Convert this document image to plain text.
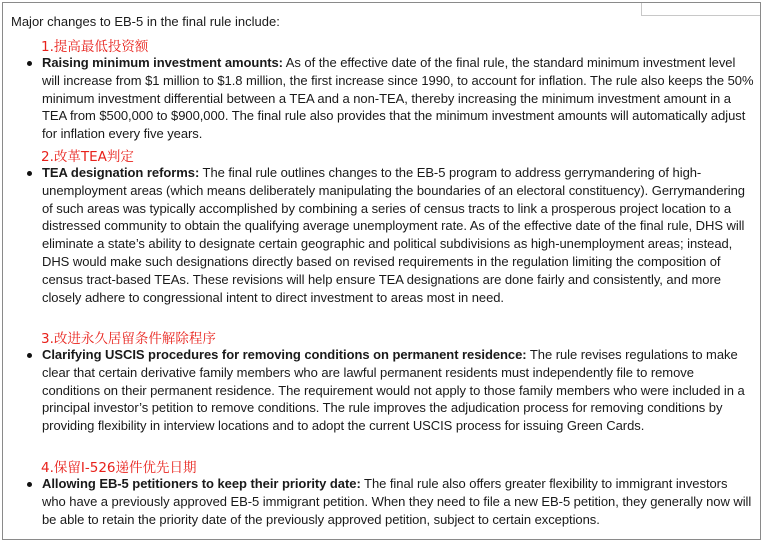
Major changes to EB-5 in the final rule include:
1.提高最低投资额
Raising minimum investment amounts: As of the effective date of the final rule, the standard minimum investment level will increase from $1 million to $1.8 million, the first increase since 1990, to account for inflation. The rule also keeps the 50% minimum investment differential between a TEA and a non-TEA, thereby increasing the minimum investment amount in a TEA from $500,000 to $900,000. The final rule also provides that the minimum investment amounts will automatically adjust for inflation every five years.
2.改革TEA判定
TEA designation reforms: The final rule outlines changes to the EB-5 program to address gerrymandering of high-unemployment areas (which means deliberately manipulating the boundaries of an electoral constituency). Gerrymandering of such areas was typically accomplished by combining a series of census tracts to link a prosperous project location to a distressed community to obtain the qualifying average unemployment rate. As of the effective date of the final rule, DHS will eliminate a state’s ability to designate certain geographic and political subdivisions as high-unemployment areas; instead, DHS would make such designations directly based on revised requirements in the regulation limiting the composition of census tract-based TEAs. These revisions will help ensure TEA designations are done fairly and consistently, and more closely adhere to congressional intent to direct investment to areas most in need.
3.改进永久居留条件解除程序
Clarifying USCIS procedures for removing conditions on permanent residence: The rule revises regulations to make clear that certain derivative family members who are lawful permanent residents must independently file to remove conditions on their permanent residence. The requirement would not apply to those family members who were included in a principal investor’s petition to remove conditions. The rule improves the adjudication process for removing conditions by providing flexibility in interview locations and to adopt the current USCIS process for issuing Green Cards.
4.保留I-526递件优先日期
Allowing EB-5 petitioners to keep their priority date: The final rule also offers greater flexibility to immigrant investors who have a previously approved EB-5 immigrant petition. When they need to file a new EB-5 petition, they generally now will be able to retain the priority date of the previously approved petition, subject to certain exceptions.
